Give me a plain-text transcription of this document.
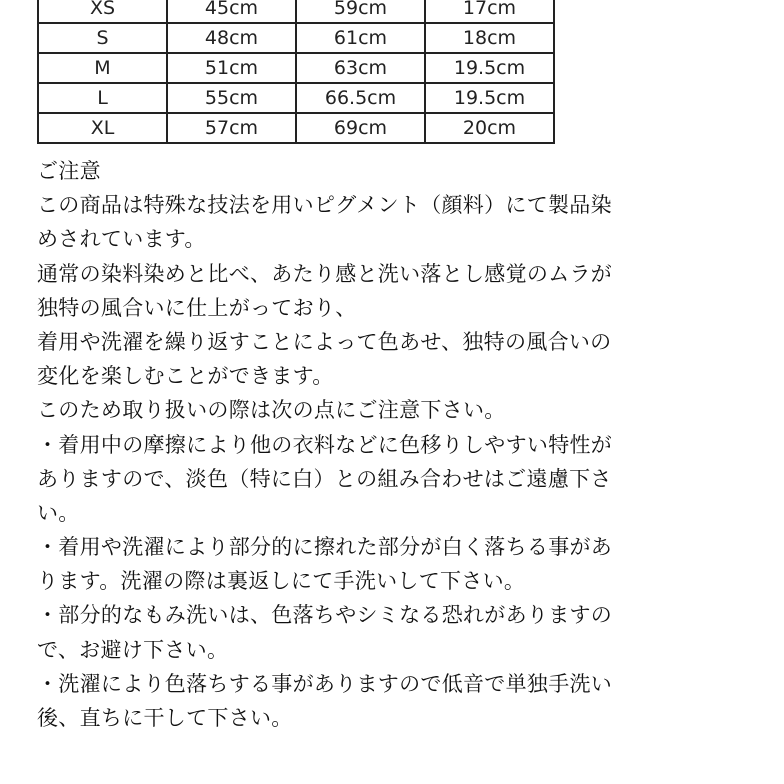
XS	45cm	59cm	17cm
S	48cm	61cm	18cm
M	51cm	63cm	19.5cm
L	55cm	66.5cm	19.5cm
XL	57cm	69cm	20cm
ご注意
この商品は特殊な技法を用いピグメント（顔料）にて製品染
めされています。
通常の染料染めと比べ、あたり感と洗い落とし感覚のムラが
独特の風合いに仕上がっており、
着用や洗濯を繰り返すことによって色あせ、独特の風合いの
変化を楽しむことができます。
このため取り扱いの際は次の点にご注意下さい。
・着用中の摩擦により他の衣料などに色移りしやすい特性が
ありますので、淡色（特に白）との組み合わせはご遠慮下さ
い。
・着用や洗濯により部分的に擦れた部分が白く落ちる事があ
ります。洗濯の際は裏返しにて手洗いして下さい。
・部分的なもみ洗いは、色落ちやシミなる恐れがありますの
で、お避け下さい。
・洗濯により色落ちする事がありますので低音で単独手洗い
後、直ちに干して下さい。
